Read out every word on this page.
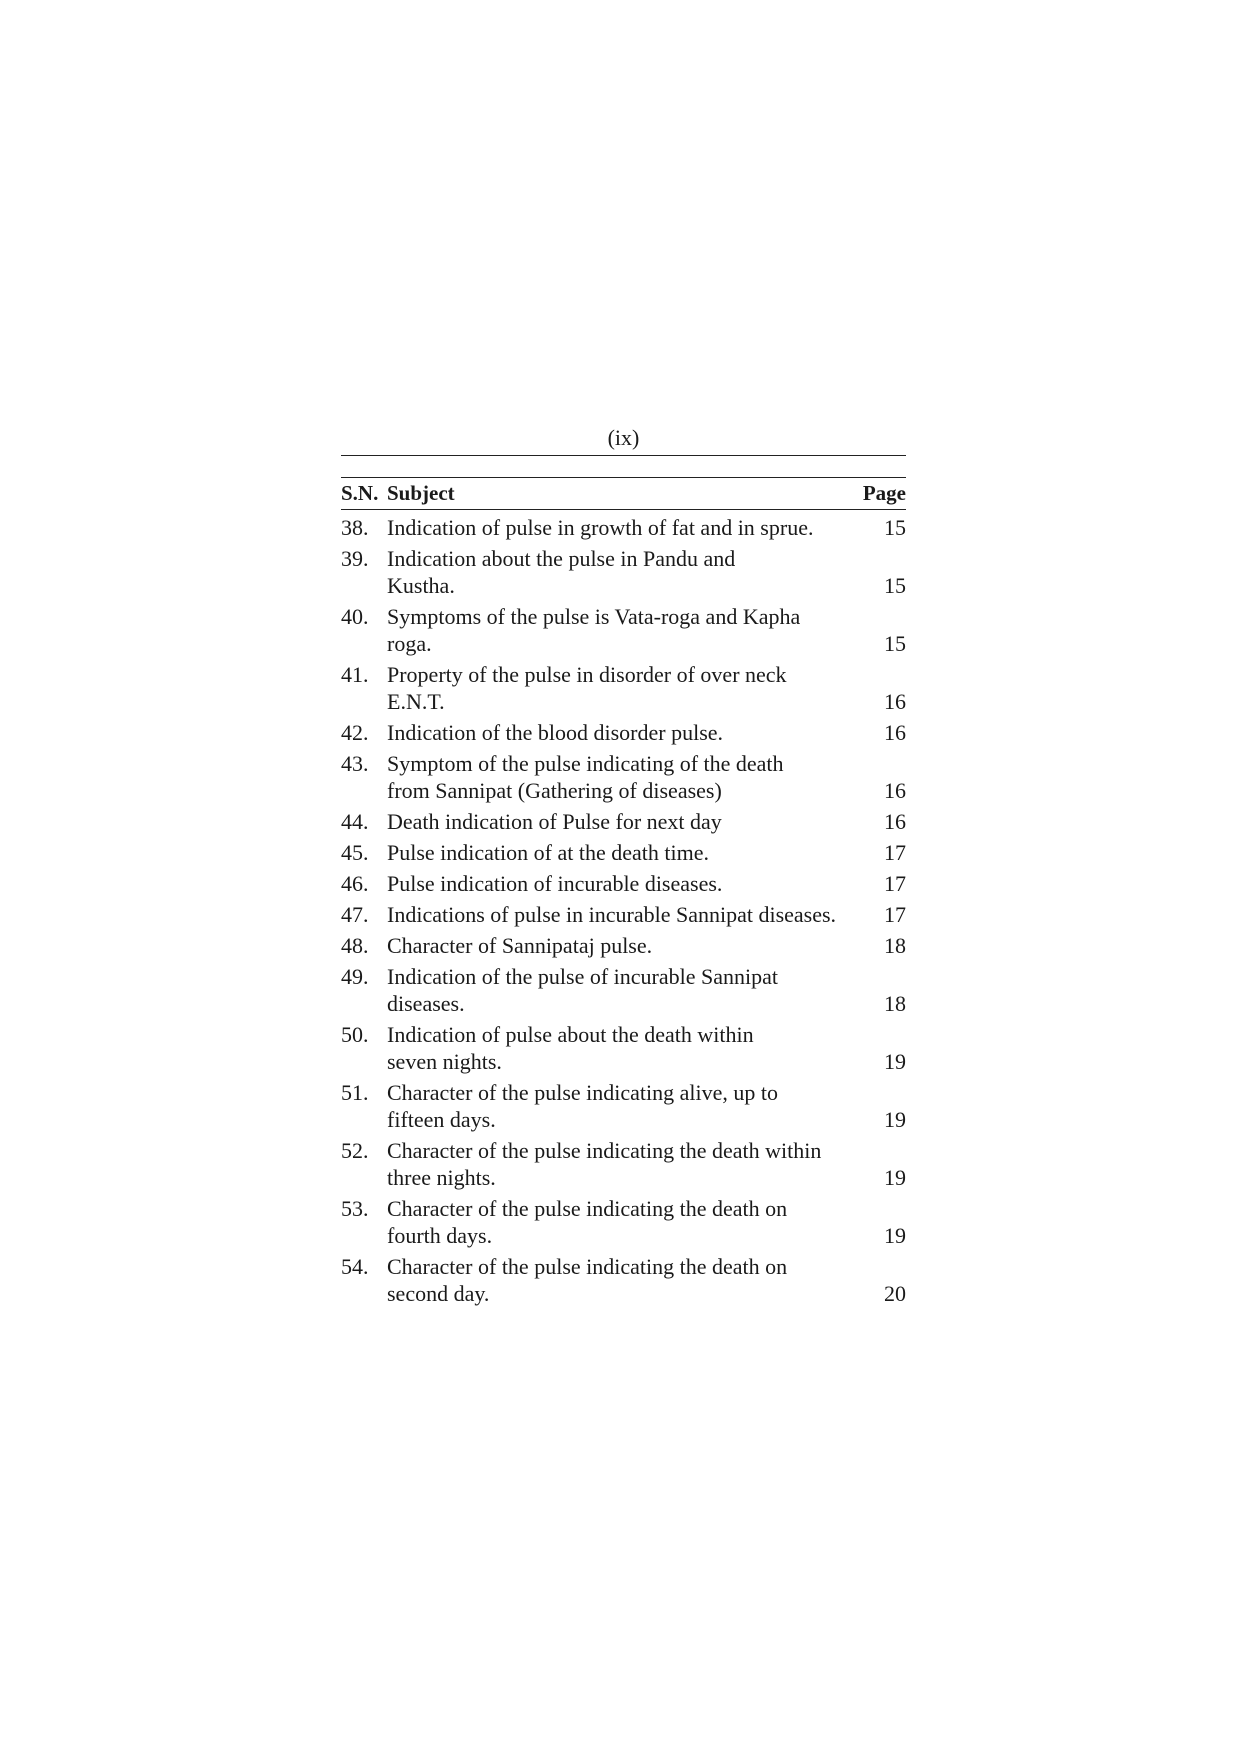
(ix)
S.N. Subject	Page
38. Indication of pulse in growth of fat and in sprue.	15
39. Indication about the pulse in Pandu and
Kustha.	15
40. Symptoms of the pulse is Vata-roga and Kapha
roga.	15
41. Property of the pulse in disorder of over neck
E.N.T.	16
42. Indication of the blood disorder pulse.	16
43. Symptom of the pulse indicating of the death
from Sannipat (Gathering of diseases)	16
44. Death indication of Pulse for next day	16
45. Pulse indication of at the death time.	17
46. Pulse indication of incurable diseases.	17
47. Indications of pulse in incurable Sannipat diseases.	17
48. Character of Sannipataj pulse.	18
49. Indication of the pulse of incurable Sannipat
diseases.	18
50. Indication of pulse about the death within
seven nights.	19
51. Character of the pulse indicating alive, up to
fifteen days.	19
52. Character of the pulse indicating the death within
three nights.	19
53. Character of the pulse indicating the death on
fourth days.	19
54. Character of the pulse indicating the death on
second day.	20
